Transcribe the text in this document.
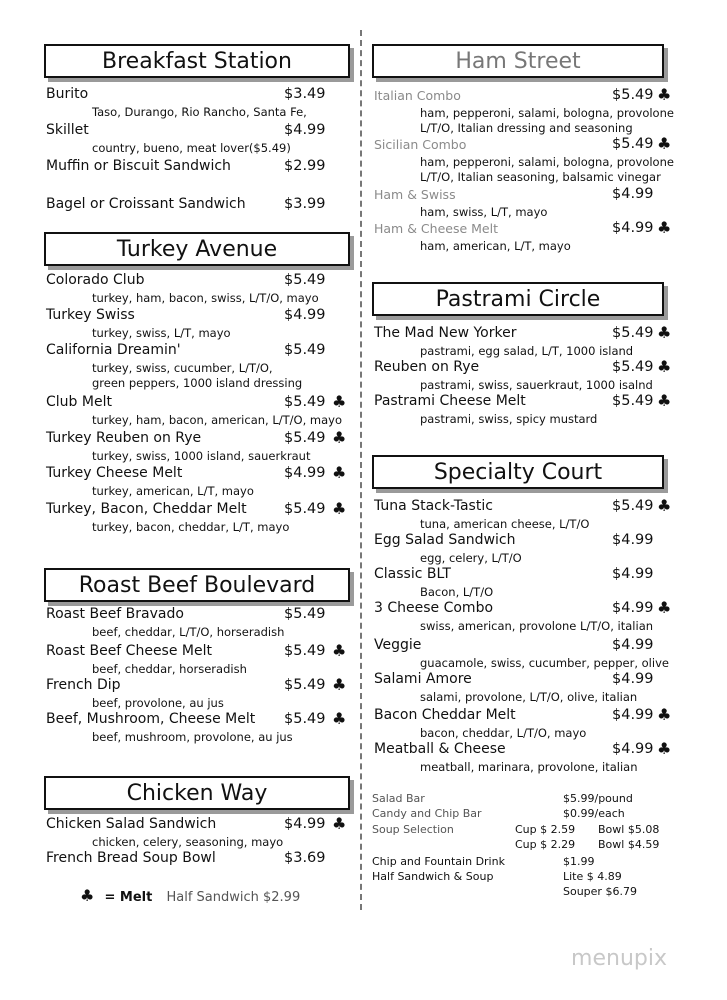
Breakfast Station
Burito	$3.49
Taso, Durango, Rio Rancho, Santa Fe,
Skillet	$4.99
country, bueno, meat lover($5.49)
Muffin or Biscuit Sandwich	$2.99
Bagel or Croissant Sandwich	$3.99
Turkey Avenue
Colorado Club	$5.49
turkey, ham, bacon, swiss, L/T/O, mayo
Turkey Swiss	$4.99
turkey, swiss, L/T, mayo
California Dreamin'	$5.49
turkey, swiss, cucumber, L/T/O,
green peppers, 1000 island dressing
Club Melt	$5.49 ♣
turkey, ham, bacon, american, L/T/O, mayo
Turkey Reuben on Rye	$5.49 ♣
turkey, swiss, 1000 island, sauerkraut
Turkey Cheese Melt	$4.99 ♣
turkey, american, L/T, mayo
Turkey, Bacon, Cheddar Melt	$5.49 ♣
turkey, bacon, cheddar, L/T, mayo
Roast Beef Boulevard
Roast Beef Bravado	$5.49
beef, cheddar, L/T/O, horseradish
Roast Beef Cheese Melt	$5.49 ♣
beef, cheddar, horseradish
French Dip	$5.49 ♣
beef, provolone, au jus
Beef, Mushroom, Cheese Melt $5.49 ♣
beef, mushroom, provolone, au jus
Chicken Way
Chicken Salad Sandwich	$4.99 ♣
chicken, celery, seasoning, mayo
French Bread Soup Bowl	$3.69
Ham Street
Italian Combo	$5.49 ♣
ham, pepperoni, salami, bologna, provolone
L/T/O, Italian dressing and seasoning
Sicilian Combo	$5.49 ♣
ham, pepperoni, salami, bologna, provolone
L/T/O, Italian seasoning, balsamic vinegar
Ham & Swiss	$4.99
ham, swiss, L/T, mayo
Ham & Cheese Melt	$4.99 ♣
ham, american, L/T, mayo
Pastrami Circle
The Mad New Yorker	$5.49 ♣
pastrami, egg salad, L/T, 1000 island
Reuben on Rye	$5.49 ♣
pastrami, swiss, sauerkraut, 1000 isalnd
Pastrami Cheese Melt	$5.49 ♣
pastrami, swiss, spicy mustard
Specialty Court
Tuna Stack-Tastic	$5.49 ♣
tuna, american cheese, L/T/O
Egg Salad Sandwich	$4.99
egg, celery, L/T/O
Classic BLT	$4.99
Bacon, L/T/O
3 Cheese Combo	$4.99 ♣
swiss, american, provolone L/T/O, italian
Veggie	$4.99
guacamole, swiss, cucumber, pepper, olive
Salami Amore	$4.99
salami, provolone, L/T/O, olive, italian
Bacon Cheddar Melt	$4.99 ♣
bacon, cheddar, L/T/O, mayo
Meatball & Cheese	$4.99 ♣
meatball, marinara, provolone, italian
♣ = Melt Half Sandwich $2.99
Salad Bar	$5.99/pound
Candy and Chip Bar	$0.99/each
Soup Selection	Cup $ 2.59 Bowl $5.08
Cup $ 2.29 Bowl $4.59
Chip and Fountain Drink	$1.99
Half Sandwich & Soup	Lite $ 4.89
Souper $6.79
menupix
